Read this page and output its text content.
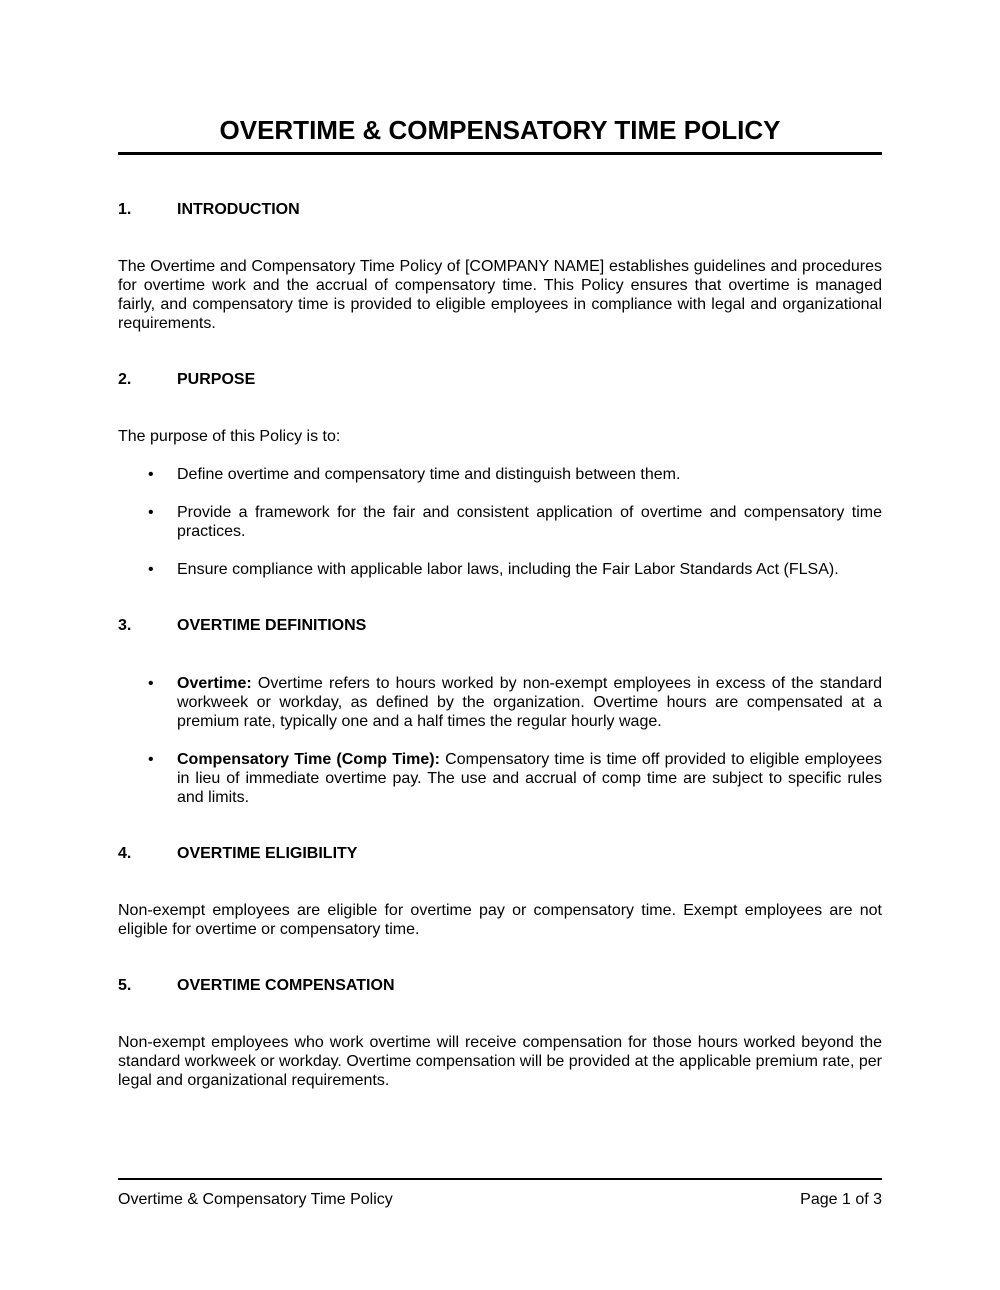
OVERTIME & COMPENSATORY TIME POLICY
1.	INTRODUCTION

The Overtime and Compensatory Time Policy of [COMPANY NAME] establishes guidelines and procedures for overtime work and the accrual of compensatory time. This Policy ensures that overtime is managed fairly, and compensatory time is provided to eligible employees in compliance with legal and organizational requirements.

2.	PURPOSE

The purpose of this Policy is to:

•	Define overtime and compensatory time and distinguish between them.
•	Provide a framework for the fair and consistent application of overtime and compensatory time practices.
•	Ensure compliance with applicable labor laws, including the Fair Labor Standards Act (FLSA).
3.	OVERTIME DEFINITIONS
•	Overtime: Overtime refers to hours worked by non-exempt employees in excess of the standard workweek or workday, as defined by the organization. Overtime hours are compensated at a premium rate, typically one and a half times the regular hourly wage.
•	Compensatory Time (Comp Time): Compensatory time is time off provided to eligible employees in lieu of immediate overtime pay. The use and accrual of comp time are subject to specific rules and limits.
4.	OVERTIME ELIGIBILITY

Non-exempt employees are eligible for overtime pay or compensatory time. Exempt employees are not eligible for overtime or compensatory time.

5.	OVERTIME COMPENSATION

Non-exempt employees who work overtime will receive compensation for those hours worked beyond the standard workweek or workday. Overtime compensation will be provided at the applicable premium rate, per legal and organizational requirements.

Overtime & Compensatory Time Policy	Page 1 of 3
